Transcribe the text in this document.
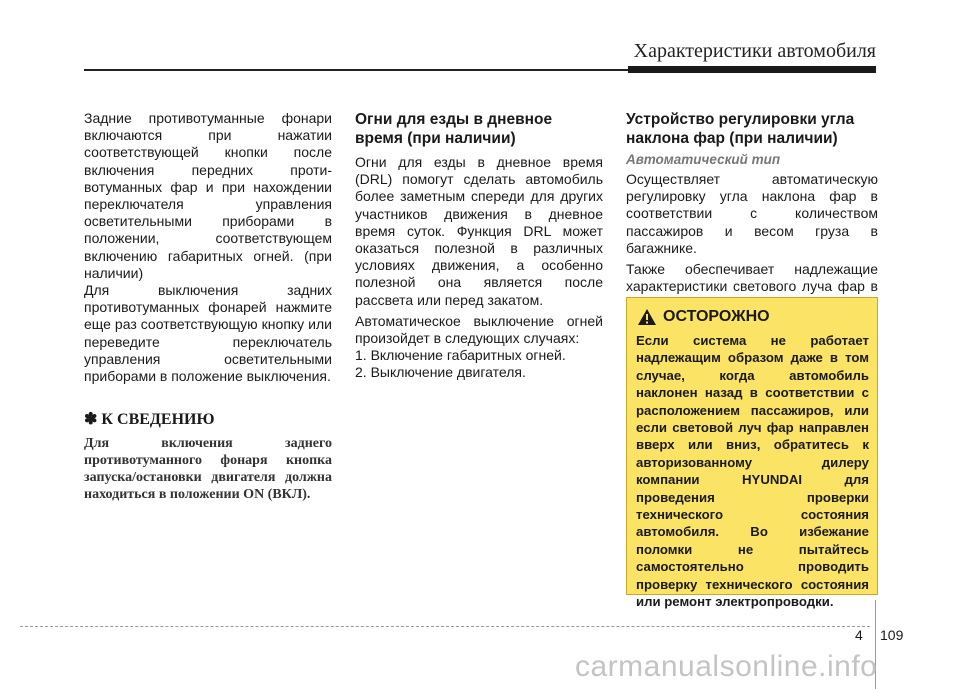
Характеристики автомобиля

Задние противотуманные фонари включаются при нажатии соответствующей кнопки после включения передних проти- вотуманных фар и при нахождении переключателя управления осветительными приборами в положении, соответствующем включению габаритных огней. (при наличии)

Для выключения задних противотуманных фонарей нажмите еще раз соответствующую кнопку или переведите переключатель управления осветительными приборами в положение выключения.

✽ К СВЕДЕНИЮ

Для включения заднего противотуманного фонаря кнопка запуска/остановки двигателя должна находиться в положении ON (ВКЛ).

Огни для езды в дневное время (при наличии)

Огни для езды в дневное время (DRL) помогут сделать автомобиль более заметным спереди для других участников движения в дневное время суток. Функция DRL может оказаться полезной в различных условиях движения, а особенно полезной она является после рассвета или перед закатом.

Автоматическое выключение огней произойдет в следующих случаях:

1. Включение габаритных огней.

2. Выключение двигателя.

Устройство регулировки угла наклона фар (при наличии)
Автоматический тип

Осуществляет автоматическую регулировку угла наклона фар в соответствии с количеством пассажиров и весом груза в багажнике.

Также обеспечивает надлежащие характеристики светового луча фар в

ОСТОРОЖНО

Если система не работает надлежащим образом даже в том случае, когда автомобиль наклонен назад в соответствии с расположением пассажиров, или если световой луч фар направлен вверх или вниз, обратитесь к авторизованному дилеру компании HYUNDAI для проведения проверки технического состояния автомобиля. Во избежание поломки не пытайтесь самостоятельно проводить проверку технического состояния или ремонт электропроводки.

4 109
carmanualsonline.info
